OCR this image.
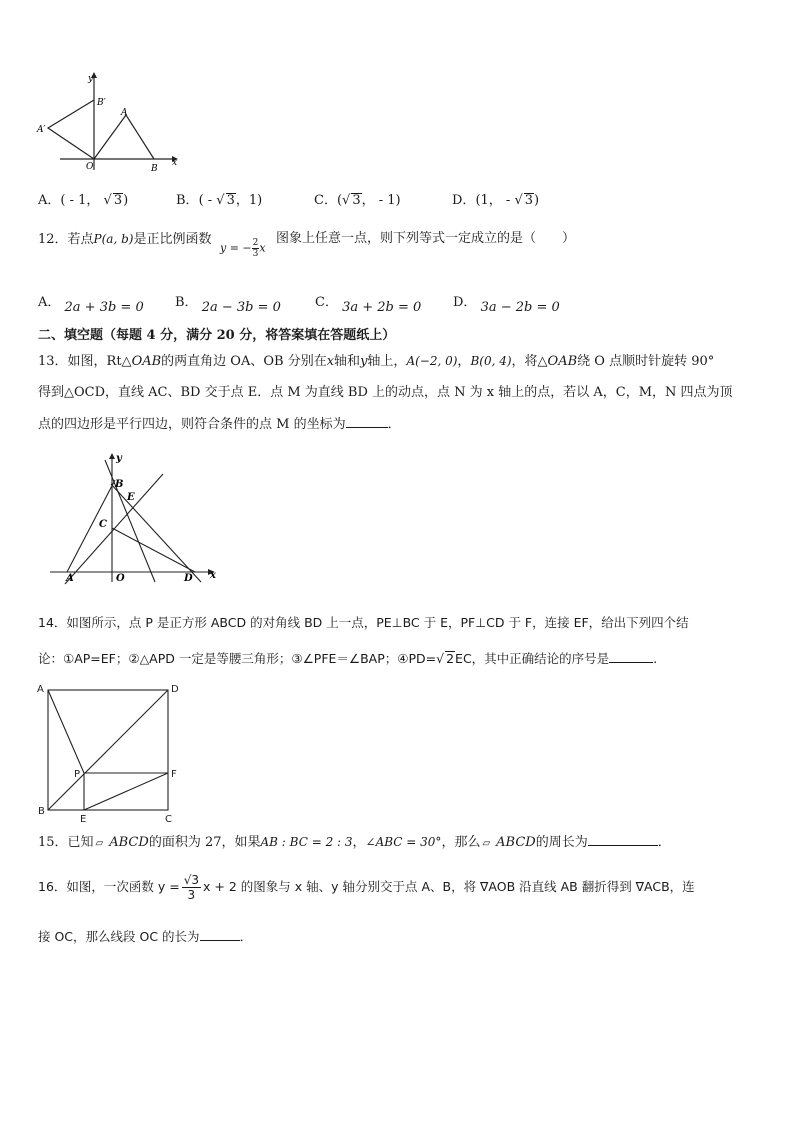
y
x
B′
A
A′
O	B
A．( - 1， √ 3)	B．( - √ 3，1)	C．(√ 3， - 1)	D．(1， - √ 3)
12．若点P(a, b)是正比例函数
y = − $\frac{2}{3}$ x
图象上任意一点，则下列等式一定成立的是（　　）
A． 2a + 3b = 0 B． 2a − 3b = 0	C． 3a + 2b = 0 D． 3a − 2b = 0
二、填空题（每题 4 分，满分 20 分，将答案填在答题纸上）
13．如图，Rt△OAB的两直角边 OA、OB 分别在x轴和y轴上，A(−2, 0)，B(0, 4)，将△OAB绕 O 点顺时针旋转 90°
得到△OCD，直线 AC、BD 交于点 E．点 M 为直线 BD 上的动点，点 N 为 x 轴上的点，若以 A，C，M，N 四点为顶
点的四边形是平行四边，则符合条件的点 M 的坐标为	．
y
B
E
C
A	O	D x
14．如图所示，点 P 是正方形 ABCD 的对角线 BD 上一点，PE⊥BC 于 E，PF⊥CD 于 F，连接 EF，给出下列四个结
论：①AP=EF；②△APD 一定是等腰三角形；③∠PFE＝∠BAP；④PD=√ 2EC，其中正确结论的序号是	.
A	D
P	F
B
E	C
15．已知 ▱ ABCD的面积为 27，如果AB : BC = 2 : 3，∠ABC = 30°，那么 ▱ ABCD的周长为	．
16．如图，一次函数 $y = \frac{√3}{3}$ x + 2 的图象与 x 轴、y 轴分别交于点 A、B，将 ∇AOB 沿直线 AB 翻折得到 ∇ACB，连
接 OC，那么线段 OC 的长为	．
